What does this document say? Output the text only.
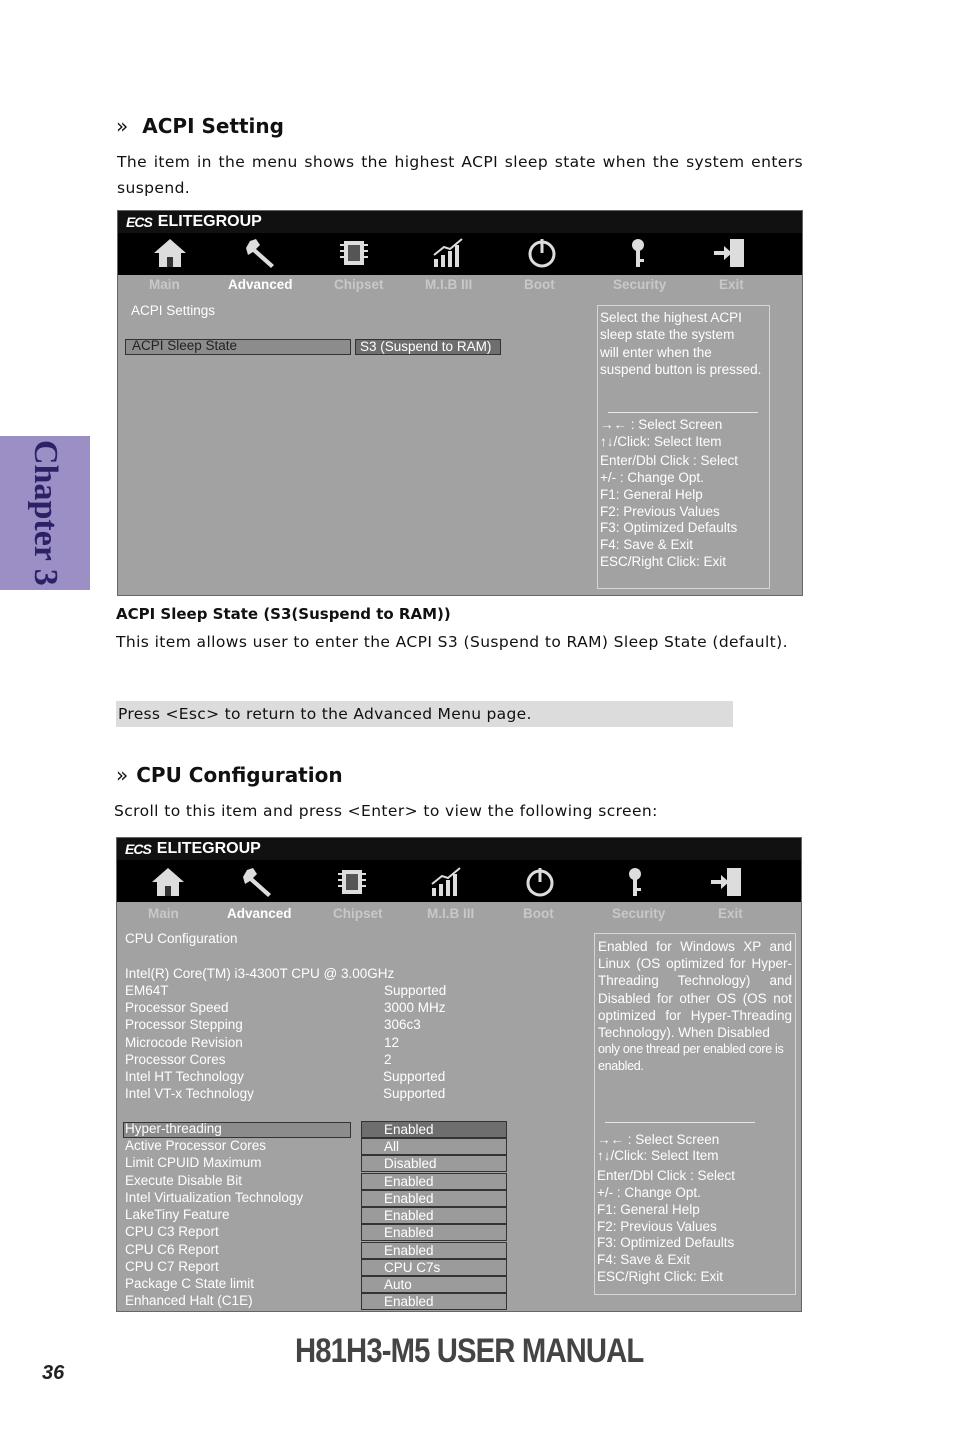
Chapter 3
» ACPI Setting
The item in the menu shows the highest ACPI sleep state when the system enters
suspend.
ECS ELITEGROUP
Main	Advanced	Chipset	M.I.B III	Boot	Security	Exit
ACPI Settings
ACPI Sleep State	S3 (Suspend to RAM)
Select the highest ACPI
sleep state the system
will enter when the
suspend button is pressed.
→← : Select Screen
↑↓/Click: Select Item
Enter/Dbl Click : Select
+/- : Change Opt.
F1: General Help
F2: Previous Values
F3: Optimized Defaults
F4: Save & Exit
ESC/Right Click: Exit
ACPI Sleep State (S3(Suspend to RAM))
This item allows user to enter the ACPI S3 (Suspend to RAM) Sleep State (default).
Press <Esc> to return to the Advanced Menu page.
» CPU Configuration
Scroll to this item and press <Enter> to view the following screen:
ECS ELITEGROUP
Main	Advanced	Chipset	M.I.B III	Boot	Security	Exit
CPU Configuration
Intel(R) Core(TM) i3-4300T CPU @ 3.00GHz
EM64T	Supported
Processor Speed	3000 MHz
Processor Stepping	306c3
Microcode Revision	12
Processor Cores	2
Intel HT Technology	Supported
Intel VT-x Technology	Supported
Hyper-threading	Enabled
Active Processor Cores	All
Limit CPUID Maximum	Disabled
Execute Disable Bit	Enabled
Intel Virtualization Technology	Enabled
LakeTiny Feature	Enabled
CPU C3 Report	Enabled
CPU C6 Report	Enabled
CPU C7 Report	CPU C7s
Package C State limit	Auto
Enhanced Halt (C1E)	Enabled
Enabled for Windows XP and Linux (OS optimized for Hyper-Threading Technology) and Disabled for other OS (OS not optimized for Hyper-Threading Technology). When Disabled
only one thread per enabled core is enabled.
→← : Select Screen
↑↓/Click: Select Item
Enter/Dbl Click : Select
+/- : Change Opt.
F1: General Help
F2: Previous Values
F3: Optimized Defaults
F4: Save & Exit
ESC/Right Click: Exit
H81H3-M5 USER MANUAL
36
